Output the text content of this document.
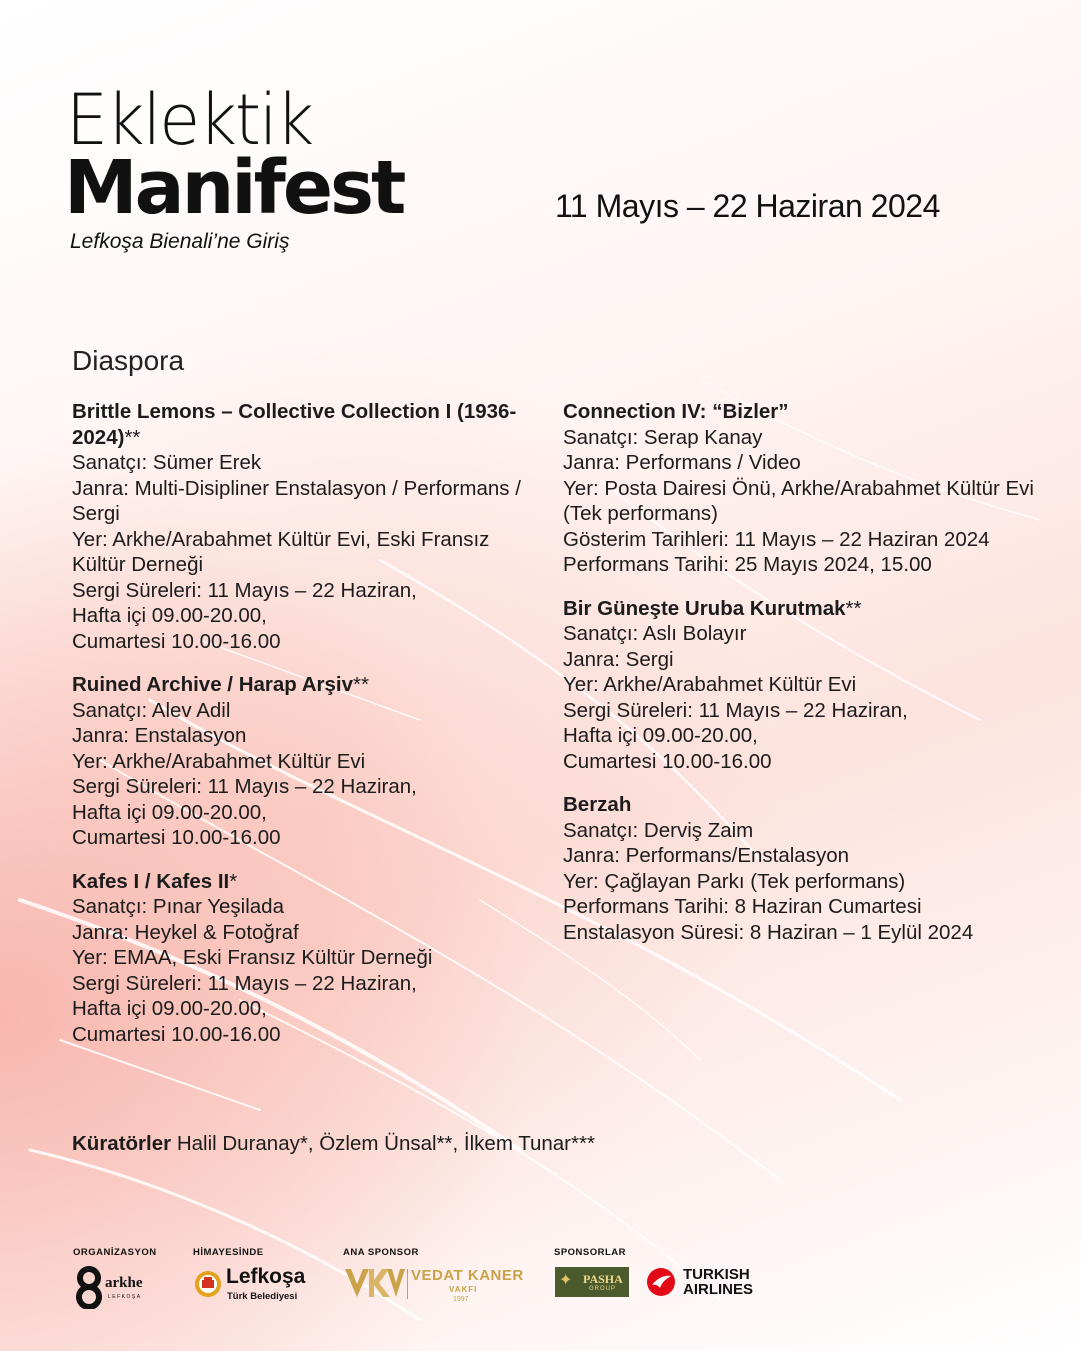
Eklektik
Manifest
Lefkoşa Bienali’ne Giriş
11 Mayıs – 22 Haziran 2024
Diaspora
Brittle Lemons – Collective Collection I (1936- 2024)**
Sanatçı: Sümer Erek
Janra: Multi-Disipliner Enstalasyon / Performans / Sergi
Yer: Arkhe/Arabahmet Kültür Evi, Eski Fransız Kültür Derneği
Sergi Süreleri: 11 Mayıs – 22 Haziran,
Hafta içi 09.00-20.00,
Cumartesi 10.00-16.00
Ruined Archive / Harap Arşiv**
Sanatçı: Alev Adil
Janra: Enstalasyon
Yer: Arkhe/Arabahmet Kültür Evi
Sergi Süreleri: 11 Mayıs – 22 Haziran,
Hafta içi 09.00-20.00,
Cumartesi 10.00-16.00
Kafes I / Kafes II*
Sanatçı: Pınar Yeşilada
Janra: Heykel & Fotoğraf
Yer: EMAA, Eski Fransız Kültür Derneği
Sergi Süreleri: 11 Mayıs – 22 Haziran,
Hafta içi 09.00-20.00,
Cumartesi 10.00-16.00
Connection IV: “Bizler”
Sanatçı: Serap Kanay
Janra: Performans / Video
Yer: Posta Dairesi Önü, Arkhe/Arabahmet Kültür Evi (Tek performans)
Gösterim Tarihleri: 11 Mayıs – 22 Haziran 2024
Performans Tarihi: 25 Mayıs 2024, 15.00
Bir Güneşte Uruba Kurutmak**
Sanatçı: Aslı Bolayır
Janra: Sergi
Yer: Arkhe/Arabahmet Kültür Evi
Sergi Süreleri: 11 Mayıs – 22 Haziran,
Hafta içi 09.00-20.00,
Cumartesi 10.00-16.00
Berzah
Sanatçı: Derviş Zaim
Janra: Performans/Enstalasyon
Yer: Çağlayan Parkı (Tek performans)
Performans Tarihi: 8 Haziran Cumartesi
Enstalasyon Süresi: 8 Haziran – 1 Eylül 2024
Küratörler Halil Duranay*, Özlem Ünsal**, İlkem Tunar***
ORGANİZASYON	HİMAYESİNDE	ANA SPONSOR	SPONSORLAR
arkhe
LEFKOŞA
Lefkoşa
Türk Belediyesi
VEDAT KANER
VAKFI
1997
✦ PASHA
GROUP
TURKISH
AIRLINES
